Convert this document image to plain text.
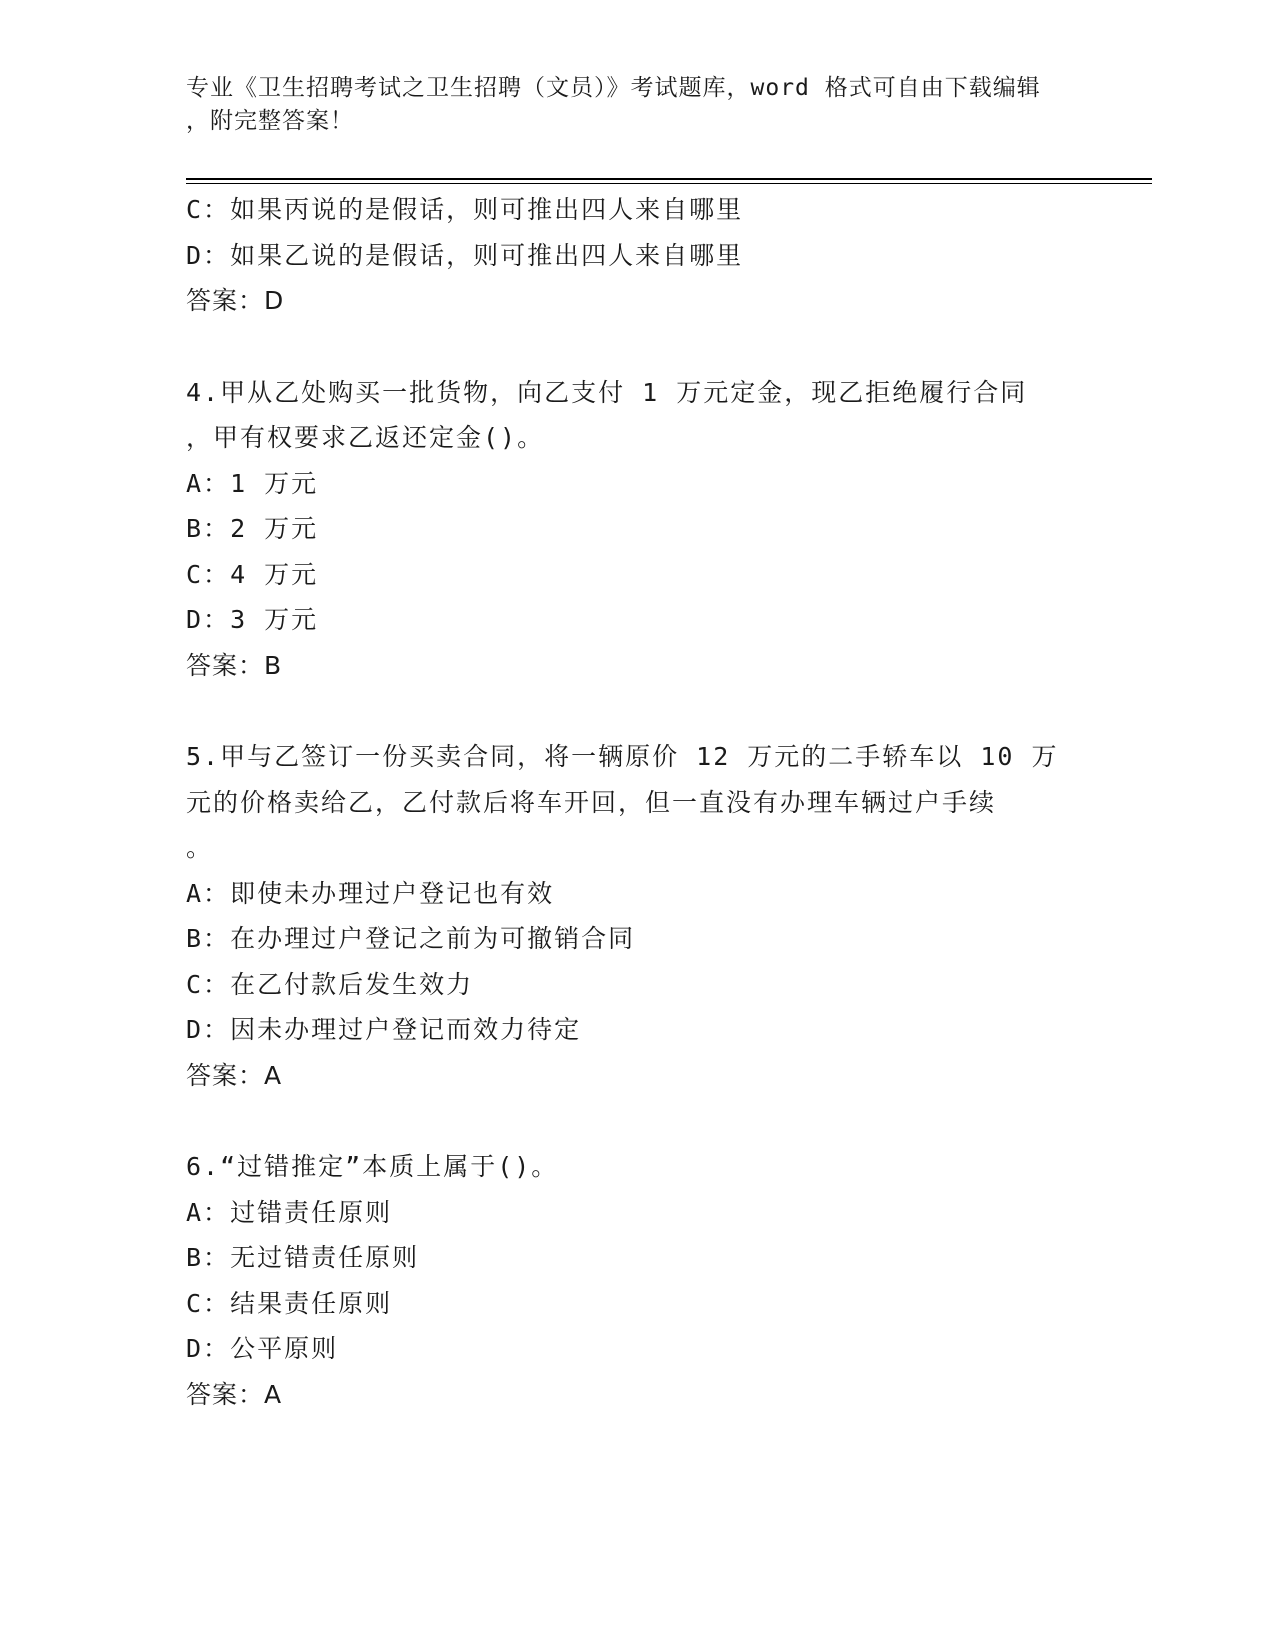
专业《卫生招聘考试之卫生招聘（文员）》考试题库，word 格式可自由下载编辑
，附完整答案！
C：如果丙说的是假话，则可推出四人来自哪里
D：如果乙说的是假话，则可推出四人来自哪里
答案：D
4.甲从乙处购买一批货物，向乙支付 1 万元定金，现乙拒绝履行合同
，甲有权要求乙返还定金()。
A：1 万元
B：2 万元
C：4 万元
D：3 万元
答案：B
5.甲与乙签订一份买卖合同，将一辆原价 12 万元的二手轿车以 10 万
元的价格卖给乙，乙付款后将车开回，但一直没有办理车辆过户手续
。
A：即使未办理过户登记也有效
B：在办理过户登记之前为可撤销合同
C：在乙付款后发生效力
D：因未办理过户登记而效力待定
答案：A
6.“过错推定”本质上属于()。
A：过错责任原则
B：无过错责任原则
C：结果责任原则
D：公平原则
答案：A
